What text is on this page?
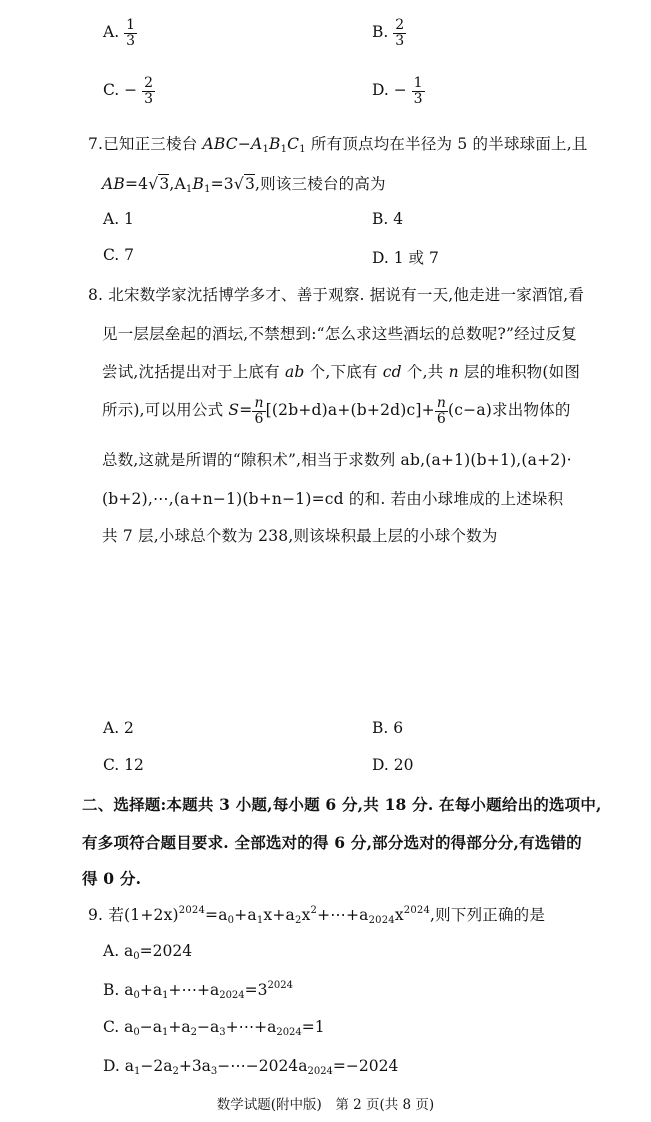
A. $\frac{1}{3}$	B. $\frac{2}{3}$
C. − $\frac{2}{3}$	D. − $\frac{1}{3}$
7.已知正三棱台 $ABC-A_1B_1C_1$ 所有顶点均在半径为 5 的半球球面上,且
$AB=4√3,A_1B_1=3√3$,则该三棱台的高为
A. 1	B. 4
C. 7	D. 1 或 7
8. 北宋数学家沈括博学多才、善于观察. 据说有一天,他走进一家酒馆,看
见一层层垒起的酒坛,不禁想到:“怎么求这些酒坛的总数呢?”经过反复
尝试,沈括提出对于上底有 ab 个,下底有 cd 个,共 n 层的堆积物(如图
所示),可以用公式 $S= \frac{n}{6} [(2b+d)a+(b+2d)c]+ \frac{n}{6} (c-a)$求出物体的
总数,这就是所谓的“隙积术”,相当于求数列 ab,(a+1)(b+1),(a+2)·
(b+2),⋯,(a+n−1)(b+n−1)=cd 的和. 若由小球堆成的上述垛积
共 7 层,小球总个数为 238,则该垛积最上层的小球个数为
A. 2	B. 6
C. 12	D. 20
二、选择题:本题共 3 小题,每小题 6 分,共 18 分. 在每小题给出的选项中,
有多项符合题目要求. 全部选对的得 6 分,部分选对的得部分分,有选错的
得 0 分.
9. 若$(1+2x)^{2024}=a_0+a_1x+a_2x^2+\cdots+a_{2024}x^{2024}$,则下列正确的是
A. $a_0=2024$
B. $a_0+a_1+\cdots+a_{2024}=3^{2024}$
C. $a_0-a_1+a_2-a_3+\cdots+a_{2024}=1$
D. $a_1-2a_2+3a_3-\cdots-2024a_{2024}=-2024$
数学试题(附中版)　第 2 页(共 8 页)
